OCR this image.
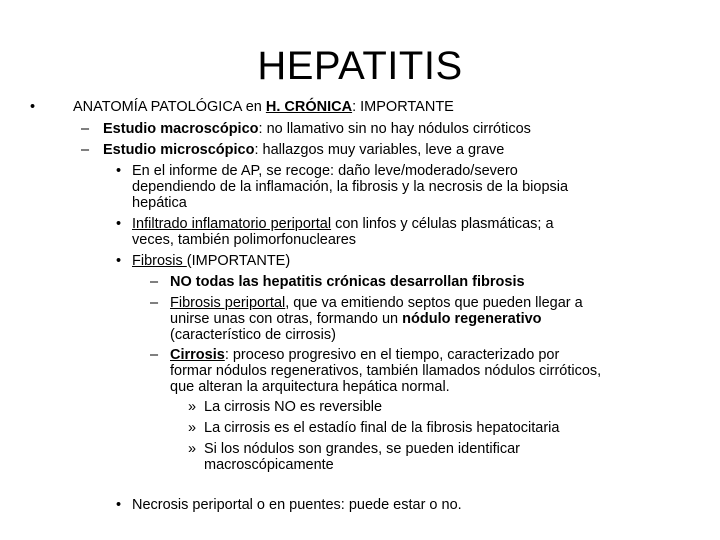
HEPATITIS
•	ANATOMÍA PATOLÓGICA en H. CRÓNICA: IMPORTANTE
– Estudio macroscópico: no llamativo sin no hay nódulos cirróticos
– Estudio microscópico: hallazgos muy variables, leve a grave
• En el informe de AP, se recoge: daño leve/moderado/severo
dependiendo de la inflamación, la fibrosis y la necrosis de la biopsia
hepática
• Infiltrado inflamatorio periportal con linfos y células plasmáticas; a
veces, también polimorfonucleares
• Fibrosis (IMPORTANTE)
– NO todas las hepatitis crónicas desarrollan fibrosis
– Fibrosis periportal, que va emitiendo septos que pueden llegar a
unirse unas con otras, formando un nódulo regenerativo
(característico de cirrosis)
– Cirrosis: proceso progresivo en el tiempo, caracterizado por
formar nódulos regenerativos, también llamados nódulos cirróticos,
que alteran la arquitectura hepática normal.
» La cirrosis NO es reversible
» La cirrosis es el estadío final de la fibrosis hepatocitaria
» Si los nódulos son grandes, se pueden identificar
macroscópicamente
• Necrosis periportal o en puentes: puede estar o no.
